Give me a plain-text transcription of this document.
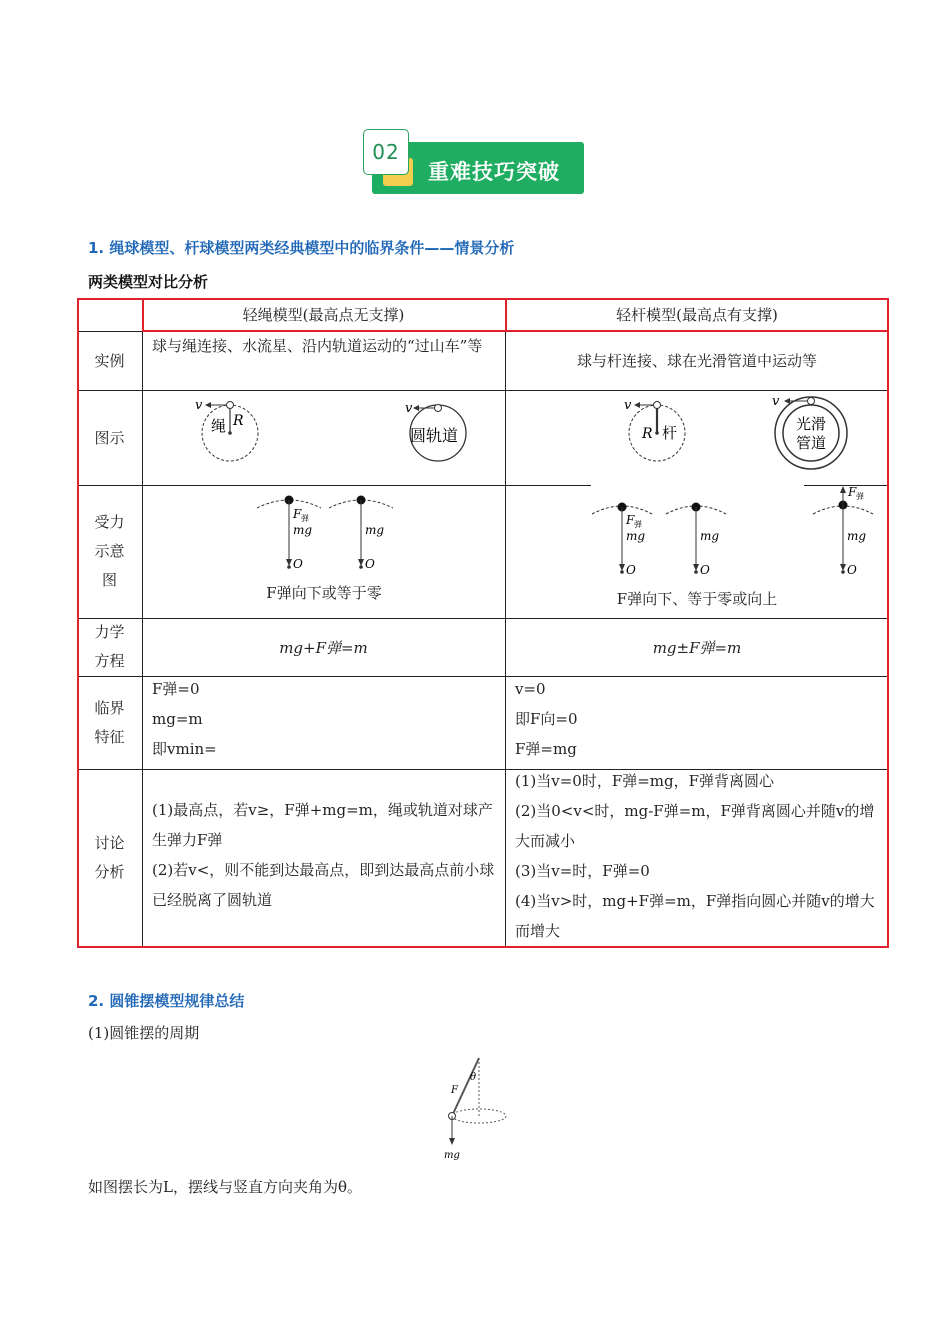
02
重难技巧突破
1. 绳球模型、杆球模型两类经典模型中的临界条件——情景分析
两类模型对比分析
轻绳模型(最高点无支撑)	轻杆模型(最高点有支撑)
实例
球与绳连接、水流星、沿内轨道运动的“过山车”等
球与杆连接、球在光滑管道中运动等
图示
v
绳 R
v
圆轨道
v
R 杆
v
光滑
管道
受力示意图
F 弹
mg
O
mg
O
F弹向下或等于零
F 弹
mg
O
mg
O
F 弹
mg
O
F弹向下、等于零或向上
力学方程
mg+F弹=m	mg±F弹=m
临界特征
F弹=0
mg=m
即vmin=
v=0
即F向=0
F弹=mg
讨论分析
(1)最高点，若v≥，F弹+mg=m，绳或轨道对球产生弹力F弹
(2)若v<，则不能到达最高点，即到达最高点前小球已经脱离了圆轨道
(1)当v=0时，F弹=mg，F弹背离圆心
(2)当0<v<时，mg-F弹=m，F弹背离圆心并随v的增大而减小
(3)当v=时，F弹=0
(4)当v>时，mg+F弹=m，F弹指向圆心并随v的增大而增大
2. 圆锥摆模型规律总结
(1)圆锥摆的周期
mg
F
θ
如图摆长为L，摆线与竖直方向夹角为θ。
